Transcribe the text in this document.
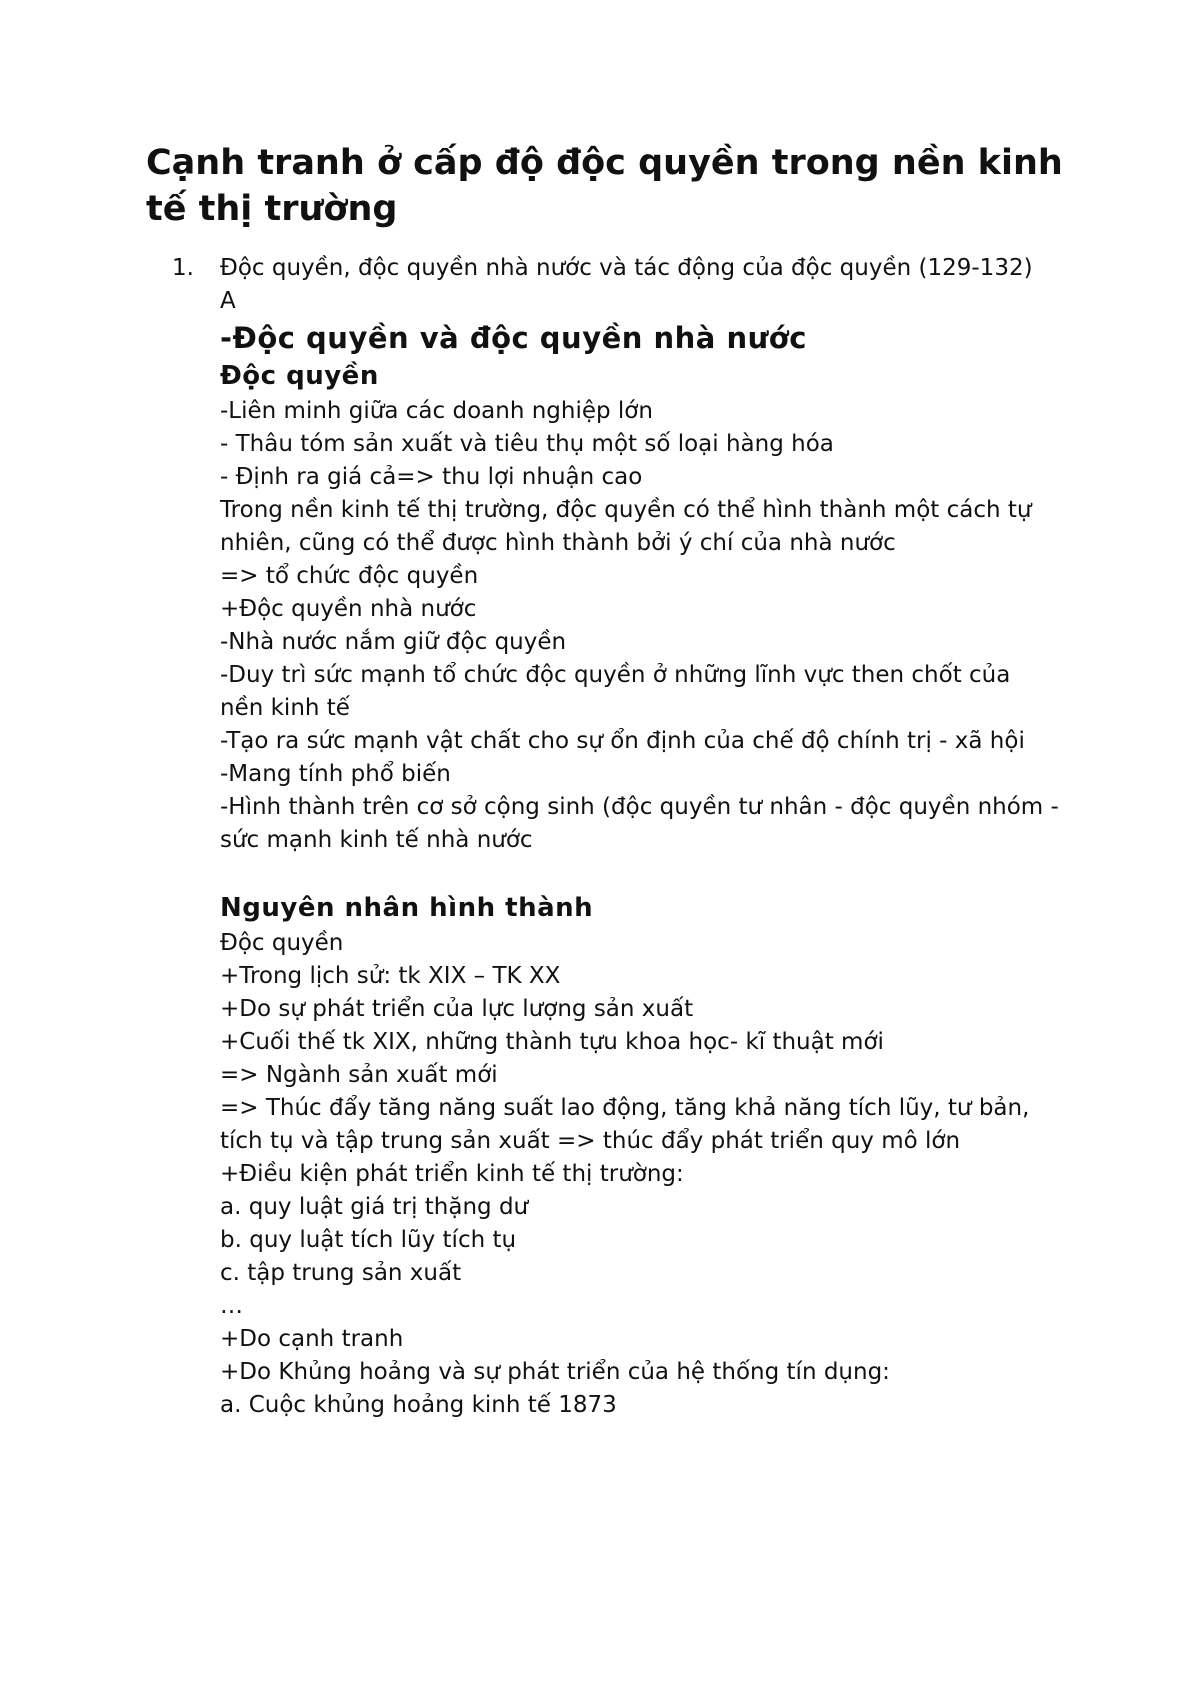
Cạnh tranh ở cấp độ độc quyền trong nền kinh tế thị trường
1. Độc quyền, độc quyền nhà nước và tác động của độc quyền (129-132)

A

-Độc quyền và độc quyền nhà nước

Độc quyền

-Liên minh giữa các doanh nghiệp lớn

- Thâu tóm sản xuất và tiêu thụ một số loại hàng hóa

- Định ra giá cả=> thu lợi nhuận cao

Trong nền kinh tế thị trường, độc quyền có thể hình thành một cách tự nhiên, cũng có thể được hình thành bởi ý chí của nhà nước

=> tổ chức độc quyền

+Độc quyền nhà nước

-Nhà nước nắm giữ độc quyền

-Duy trì sức mạnh tổ chức độc quyền ở những lĩnh vực then chốt của nền kinh tế

-Tạo ra sức mạnh vật chất cho sự ổn định của chế độ chính trị - xã hội

-Mang tính phổ biến

-Hình thành trên cơ sở cộng sinh (độc quyền tư nhân - độc quyền nhóm - sức mạnh kinh tế nhà nước

Nguyên nhân hình thành

Độc quyền

+Trong lịch sử: tk XIX – TK XX

+Do sự phát triển của lực lượng sản xuất

+Cuối thế tk XIX, những thành tựu khoa học- kĩ thuật mới

=> Ngành sản xuất mới

=> Thúc đẩy tăng năng suất lao động, tăng khả năng tích lũy, tư bản, tích tụ và tập trung sản xuất => thúc đẩy phát triển quy mô lớn

+Điều kiện phát triển kinh tế thị trường:

a. quy luật giá trị thặng dư

b. quy luật tích lũy tích tụ

c. tập trung sản xuất

…

+Do cạnh tranh

+Do Khủng hoảng và sự phát triển của hệ thống tín dụng:

a. Cuộc khủng hoảng kinh tế 1873
